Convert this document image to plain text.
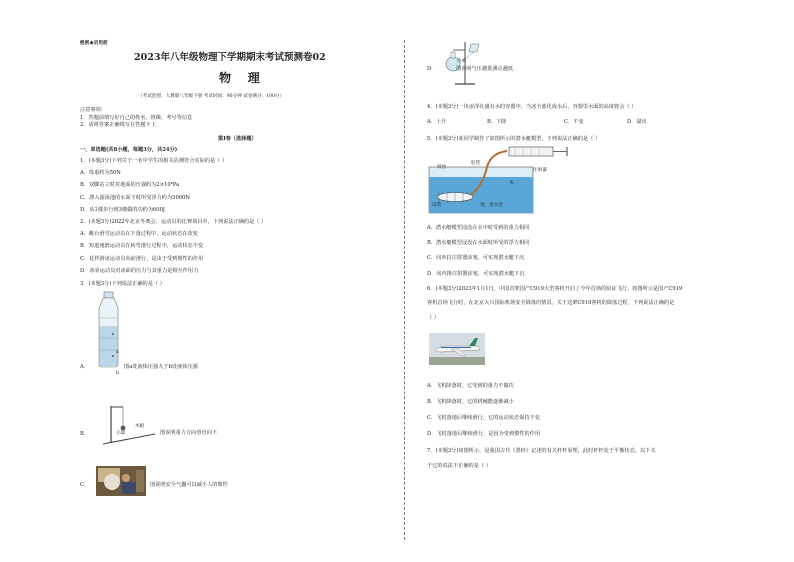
绝密★启用前
2023年八年级物理下学期期末考试预测卷02
物    理
（考试范围：人教版八年级下册 考试时间：90分钟 试卷满分：100分）
注意事项：
1．答题前填写好自己的姓名、班级、考号等信息
2．请将答案正确填写在答题卡上
第Ⅰ卷（选择题）
一、单选题(共8小题，每题3分，共24分)
1．(本题3分)下列关于一名中学生的相关估测符合实际的是（ ）
A．体重约为50N
B．双脚站立时对地面的压强约为2×10⁴Pa
C．漂入游泳池的水面下时所受浮力约为5000N
D．从1楼步行到3楼做的功约为600J
2．(本题3分)2022年北京冬奥会，运动员的比赛项目中，下列说法正确的是（ ）
A．跳台滑雪运动员在下落过程中，运动状态在改变
B．短道速滑运动员在转弯滑行过程中，运动状态不变
C．花样滑冰运动员向前滑行，是由于受到惯性的作用
D．冰壶运动员对冰面的压力与其重力是相互作用力
3．(本题3分)下列说法正确的是（ ）
A．
a
b
图a处液体压强大于b处液体压强
B．	小球
木板
图说明重力方向垂直向下
C．	图说明安全气囊可以减小人的惯性
D．
冷水
图说明气压越低沸点越低
4．(本题3分)一块冰浮在盛有水的容器中，当冰全部化成水后，容器里水面的高度将会（ ）
A．上升	B．下降	C．不变	D．溢出
5．(本题3分)某同学制作了如图所示的潜水艇模型，下列说法正确的是（ ）
铁丝
胶管
注射器
水
试管	进、排水管
A．潜水艇模型浸没在水中时受到的重力相同
B．潜水艇模型浸没在水面时所受的浮力相同
C．向外拉注射器活塞，可实现潜水艇下沉
D．向内推注射器活塞，可实现潜水艇下沉
6．(本题3分)2023年1月1日，中国首架国产C919大型客机开启了今年首场的验证飞行。如图所示是国产C919
客机首场飞行时，在北京大兴国际机场安全降落的情景。关于这架C919客机的降落过程，下列说法正确的是
（ ）
A．飞机降落时，它受到的重力不做功
B．飞机降落时，它的机械能逐渐减小
C．飞机落地后继续滑行，它的运动状态保持不变
D．飞机落地后继续滑行，是因为受到惯性的作用
7．(本题3分)如图所示，是我国古代《墨经》记述的有关杆杆原理，此时杆杆处于平衡状态，以下关
于它的说法不正确的是（ ）
